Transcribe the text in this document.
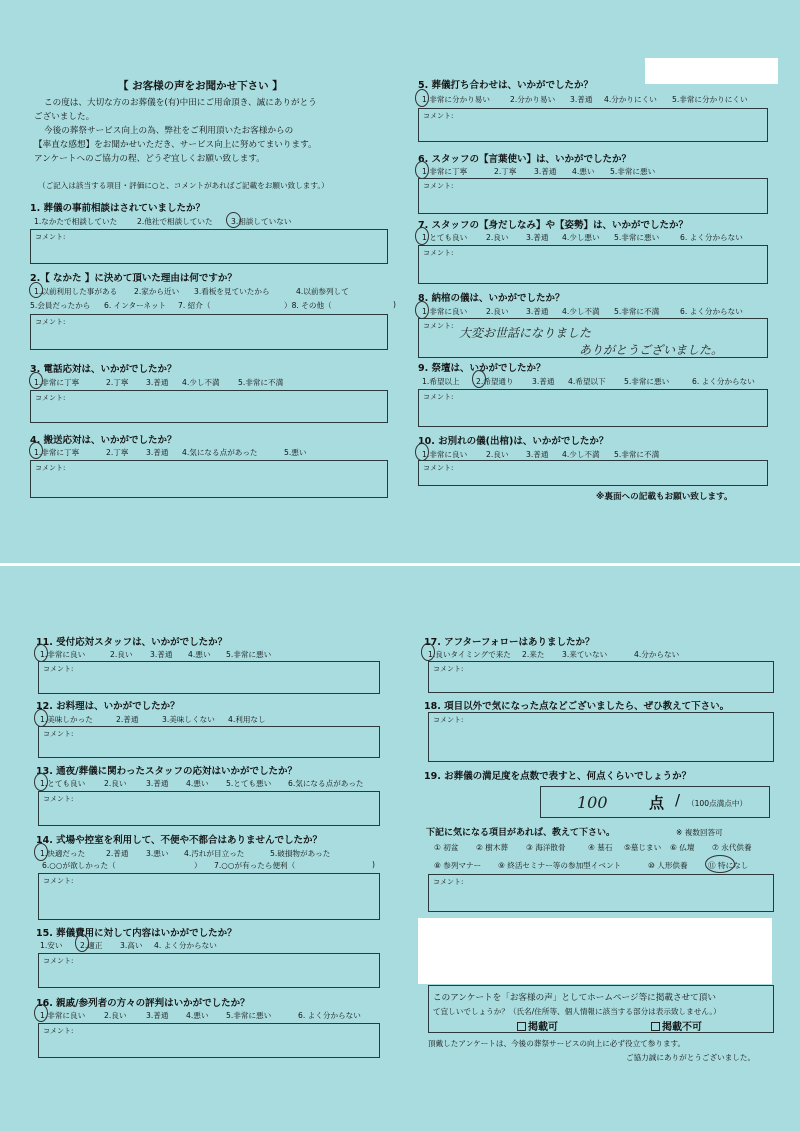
【 お客様の声をお聞かせ下さい 】
この度は、大切な方のお葬儀を(有)中田にご用命頂き、誠にありがとう
ございました。
今後の葬祭サービス向上の為、弊社をご利用頂いたお客様からの
【率直な感想】をお聞かせいただき、サービス向上に努めてまいります。
アンケートへのご協力の程、どうぞ宜しくお願い致します。
（ご記入は該当する項目・評価に○と、コメントがあればご記載をお願い致します。）
1. 葬儀の事前相談はされていましたか？
1.なかたで相談していた	2.他社で相談していた 3.相談していない
コメント:
2.【 なかた 】に決めて頂いた理由は何ですか？
1.以前利用した事がある 2.家から近い 3.看板を見ていたから	4.以前参列して
5.会員だったから 6. インターネット 7. 紹介（	）8. その他（	)
コメント:
3. 電話応対は、いかがでしたか？
1.非常に丁寧	2.丁寧 3.普通 4.少し不満 5.非常に不満
コメント:
4. 搬送応対は、いかがでしたか？
1.非常に丁寧	2.丁寧 3.普通 4.気になる点があった	5.悪い
コメント:
5. 葬儀打ち合わせは、いかがでしたか？
1.非常に分かり易い	2.分かり易い 3.普通 4.分かりにくい 5.非常に分かりにくい
コメント:
6. スタッフの【言葉使い】は、いかがでしたか？
1.非常に丁寧	2.丁寧 3.普通 4.悪い 5.非常に悪い
コメント:
7. スタッフの【身だしなみ】や【姿勢】は、いかがでしたか？
1.とても良い 2.良い 3.普通 4.少し悪い 5.非常に悪い	6. よく分からない
コメント:
8. 納棺の儀は、いかがでしたか？
1.非常に良い 2.良い 3.普通 4.少し不満 5.非常に不満	6. よく分からない
コメント: 大変お世話になりました
ありがとうございました。
9. 祭壇は、いかがでしたか？
1.希望以上 2.希望通り 3.普通 4.希望以下 5.非常に悪い	6. よく分からない
コメント:
10. お別れの儀(出棺)は、いかがでしたか？
1.非常に良い 2.良い 3.普通 4.少し不満 5.非常に不満
コメント:
※裏面への記載もお願い致します。
11. 受付応対スタッフは、いかがでしたか？
1.非常に良い	2.良い 3.普通 4.悪い 5.非常に悪い
コメント:
12. お料理は、いかがでしたか？
1.美味しかった	2.普通	3.美味しくない 4.利用なし
コメント:
13. 通夜/葬儀に関わったスタッフの応対はいかがでしたか？
1.とても良い 2.良い	3.普通 4.悪い 5.とても悪い 6.気になる点があった
コメント:
14. 式場や控室を利用して、不便や不都合はありませんでしたか？
1.快適だった	2.普通 3.悪い 4.汚れが目立った	5.破損物があった
6.○○が欲しかった（	） 7.○○が有ったら便利（	)
コメント:
15. 葬儀費用に対して内容はいかがでしたか？
1.安い 2.適正 3.高い 4. よく分からない
コメント:
16. 親戚/参列者の方々の評判はいかがでしたか？
1.非常に良い 2.良い	3.普通 4.悪い 5.非常に悪い	6. よく分からない
コメント:
17. アフターフォローはありましたか？
1.良いタイミングで来た 2.来た 3.来ていない	4.分からない
コメント:
18. 項目以外で気になった点などございましたら、ぜひ教えて下さい。
コメント:
19. お葬儀の満足度を点数で表すと、何点くらいでしょうか？
100	点 / （100点満点中）
下記に気になる項目があれば、教えて下さい。	※ 複数回答可
① 初盆 ② 樹木葬 ③ 海洋散骨	④ 墓石 ⑤墓じまい ⑥ 仏壇 ⑦ 永代供養
⑧ 参列マナー ⑨ 終活セミナー等の参加型イベント	⑩ 人形供養	⑪ 特になし
コメント:
このアンケートを「お客様の声」としてホームページ等に掲載させて頂い
て宜しいでしょうか？（氏名/住所等、個人情報に該当する部分は表示致しません。）
掲載可	掲載不可
頂戴したアンケートは、今後の葬祭サービスの向上に必ず役立て参ります。
ご協力誠にありがとうございました。
